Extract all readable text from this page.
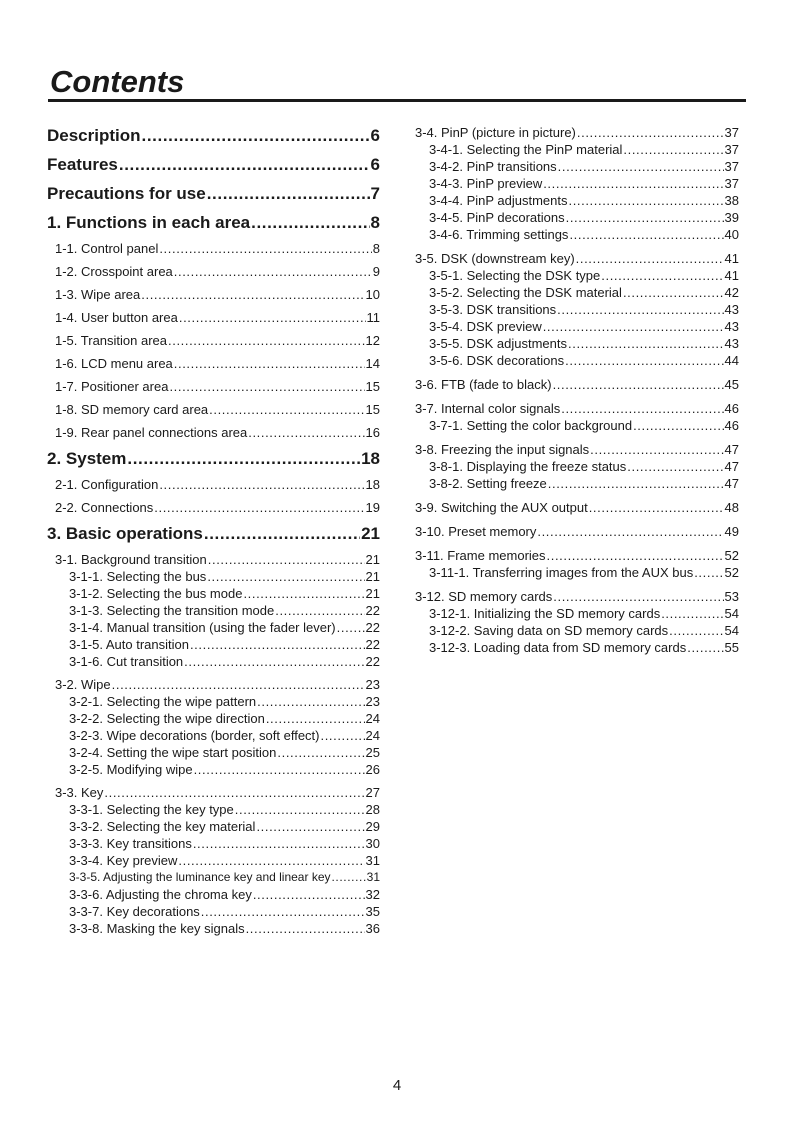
Contents
Description .....	6
Features .....	6
Precautions for use .....	7
1. Functions in each area .....	8
1-1. Control panel .....	8
1-2. Crosspoint area .....	9
1-3. Wipe area .....	10
1-4. User button area .....	11
1-5. Transition area .....	12
1-6. LCD menu area .....	14
1-7. Positioner area .....	15
1-8. SD memory card area .....	15
1-9. Rear panel connections area .....	16
2. System .....	18
2-1. Configuration .....	18
2-2. Connections .....	19
3. Basic operations .....	21
3-1. Background transition .....	21
3-1-1. Selecting the bus .....	21
3-1-2. Selecting the bus mode .....	21
3-1-3. Selecting the transition mode .....	22
3-1-4. Manual transition (using the fader lever) ..... 22
3-1-5. Auto transition .....	22
3-1-6. Cut transition .....	22
3-2. Wipe .....	23
3-2-1. Selecting the wipe pattern .....	23
3-2-2. Selecting the wipe direction .....	24
3-2-3. Wipe decorations (border, soft effect) .....	24
3-2-4. Setting the wipe start position .....	25
3-2-5. Modifying wipe .....	26
3-3. Key .....	27
3-3-1. Selecting the key type .....	28
3-3-2. Selecting the key material .....	29
3-3-3. Key transitions .....	30
3-3-4. Key preview .....	31
3-3-5. Adjusting the luminance key and linear key .....	31
3-3-6. Adjusting the chroma key .....	32
3-3-7. Key decorations .....	35
3-3-8. Masking the key signals .....	36
3-4. PinP (picture in picture) .....	37
3-4-1. Selecting the PinP material .....	37
3-4-2. PinP transitions .....	37
3-4-3. PinP preview .....	37
3-4-4. PinP adjustments .....	38
3-4-5. PinP decorations .....	39
3-4-6. Trimming settings .....	40
3-5. DSK (downstream key) .....	41
3-5-1. Selecting the DSK type .....	41
3-5-2. Selecting the DSK material .....	42
3-5-3. DSK transitions .....	43
3-5-4. DSK preview .....	43
3-5-5. DSK adjustments .....	43
3-5-6. DSK decorations .....	44
3-6. FTB (fade to black) .....	45
3-7. Internal color signals .....	46
3-7-1. Setting the color background .....	46
3-8. Freezing the input signals .....	47
3-8-1. Displaying the freeze status .....	47
3-8-2. Setting freeze .....	47
3-9. Switching the AUX output .....	48
3-10. Preset memory .....	49
3-11. Frame memories .....	52
3-11-1. Transferring images from the AUX bus ..... 52
3-12. SD memory cards .....	53
3-12-1. Initializing the SD memory cards .....	54
3-12-2. Saving data on SD memory cards .....	54
3-12-3. Loading data from SD memory cards .....	55
4
